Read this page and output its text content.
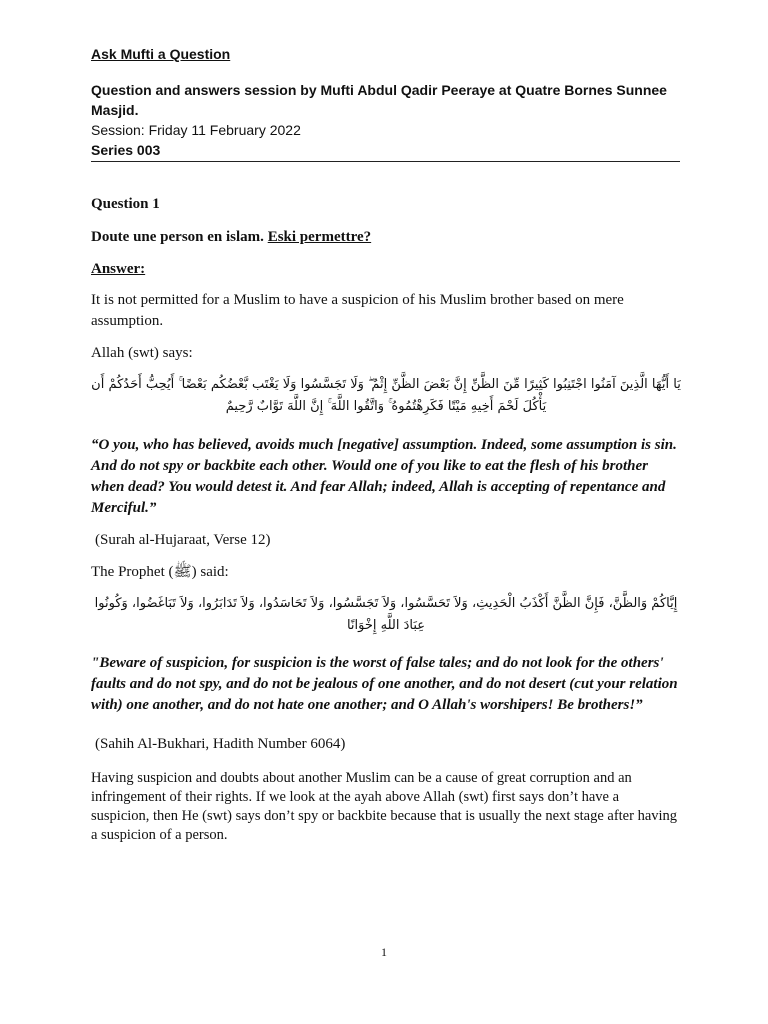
Ask Mufti a Question
Question and answers session by Mufti Abdul Qadir Peeraye at Quatre Bornes Sunnee
Masjid.
Session: Friday 11 February 2022
Series 003

Question 1

Doute une person en islam. Eski permettre?

Answer:

It is not permitted for a Muslim to have a suspicion of his Muslim brother based on mere assumption.

Allah (swt) says:

يَا أَيُّهَا الَّذِينَ آمَنُوا اجْتَنِبُوا كَثِيرًا مِّنَ الظَّنِّ إِنَّ بَعْضَ الظَّنِّ إِثْمٌ ۖ وَلَا تَجَسَّسُوا وَلَا يَغْتَب بَّعْضُكُم بَعْضًا ۚ أَيُحِبُّ أَحَدُكُمْ أَن يَأْكُلَ لَحْمَ أَخِيهِ مَيْتًا فَكَرِهْتُمُوهُ ۚ وَاتَّقُوا اللَّهَ ۚ إِنَّ اللَّهَ تَوَّابٌ رَّحِيمٌ

“O you, who has believed, avoids much [negative] assumption. Indeed, some assumption is sin. And do not spy or backbite each other. Would one of you like to eat the flesh of his brother when dead? You would detest it. And fear Allah; indeed, Allah is accepting of repentance and Merciful.”

(Surah al-Hujaraat, Verse 12)

The Prophet (ﷺ) said:

إِيَّاكُمْ وَالظَّنَّ، فَإِنَّ الظَّنَّ أَكْذَبُ الْحَدِيثِ، وَلاَ تَحَسَّسُوا، وَلاَ تَجَسَّسُوا، وَلاَ تَحَاسَدُوا، وَلاَ تَدَابَرُوا، وَلاَ تَبَاغَضُوا، وَكُونُوا عِبَادَ اللَّهِ إِخْوَانًا

"Beware of suspicion, for suspicion is the worst of false tales; and do not look for the others' faults and do not spy, and do not be jealous of one another, and do not desert (cut your relation with) one another, and do not hate one another; and O Allah's worshipers! Be brothers!”

(Sahih Al-Bukhari, Hadith Number 6064)

Having suspicion and doubts about another Muslim can be a cause of great corruption and an infringement of their rights. If we look at the ayah above Allah (swt) first says don’t have a suspicion, then He (swt) says don’t spy or backbite because that is usually the next stage after having a suspicion of a person.

1
